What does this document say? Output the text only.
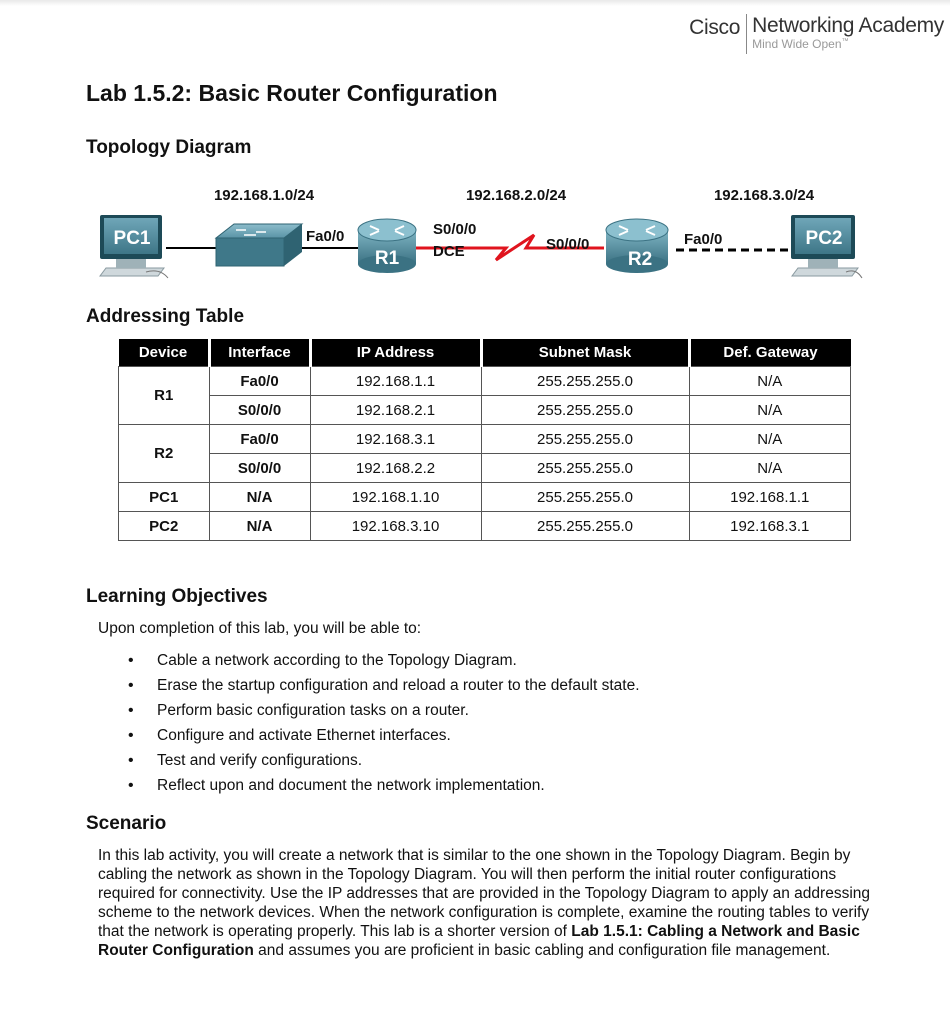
Cisco Networking Academy
Mind Wide Open™
Lab 1.5.2: Basic Router Configuration
Topology Diagram
192.168.1.0/24	192.168.2.0/24	192.168.3.0/24
PC1
R1	R2
PC2
Fa0/0	S0/0/0
DCE	S0/0/0	Fa0/0
Addressing Table
Device	Interface	IP Address	Subnet Mask	Def. Gateway
R1	Fa0/0	192.168.1.1	255.255.255.0	N/A
	S0/0/0	192.168.2.1	255.255.255.0	N/A
R2	Fa0/0	192.168.3.1	255.255.255.0	N/A
	S0/0/0	192.168.2.2	255.255.255.0	N/A
PC1	N/A	192.168.1.10	255.255.255.0	192.168.1.1
PC2	N/A	192.168.3.10	255.255.255.0	192.168.3.1
Learning Objectives

Upon completion of this lab, you will be able to:

• Cable a network according to the Topology Diagram.
• Erase the startup configuration and reload a router to the default state.
• Perform basic configuration tasks on a router.
• Configure and activate Ethernet interfaces.
• Test and verify configurations.
• Reflect upon and document the network implementation.
Scenario

In this lab activity, you will create a network that is similar to the one shown in the Topology Diagram. Begin by cabling the network as shown in the Topology Diagram. You will then perform the initial router configurations required for connectivity. Use the IP addresses that are provided in the Topology Diagram to apply an addressing scheme to the network devices. When the network configuration is complete, examine the routing tables to verify that the network is operating properly. This lab is a shorter version of Lab 1.5.1: Cabling a Network and Basic Router Configuration and assumes you are proficient in basic cabling and configuration file management.
